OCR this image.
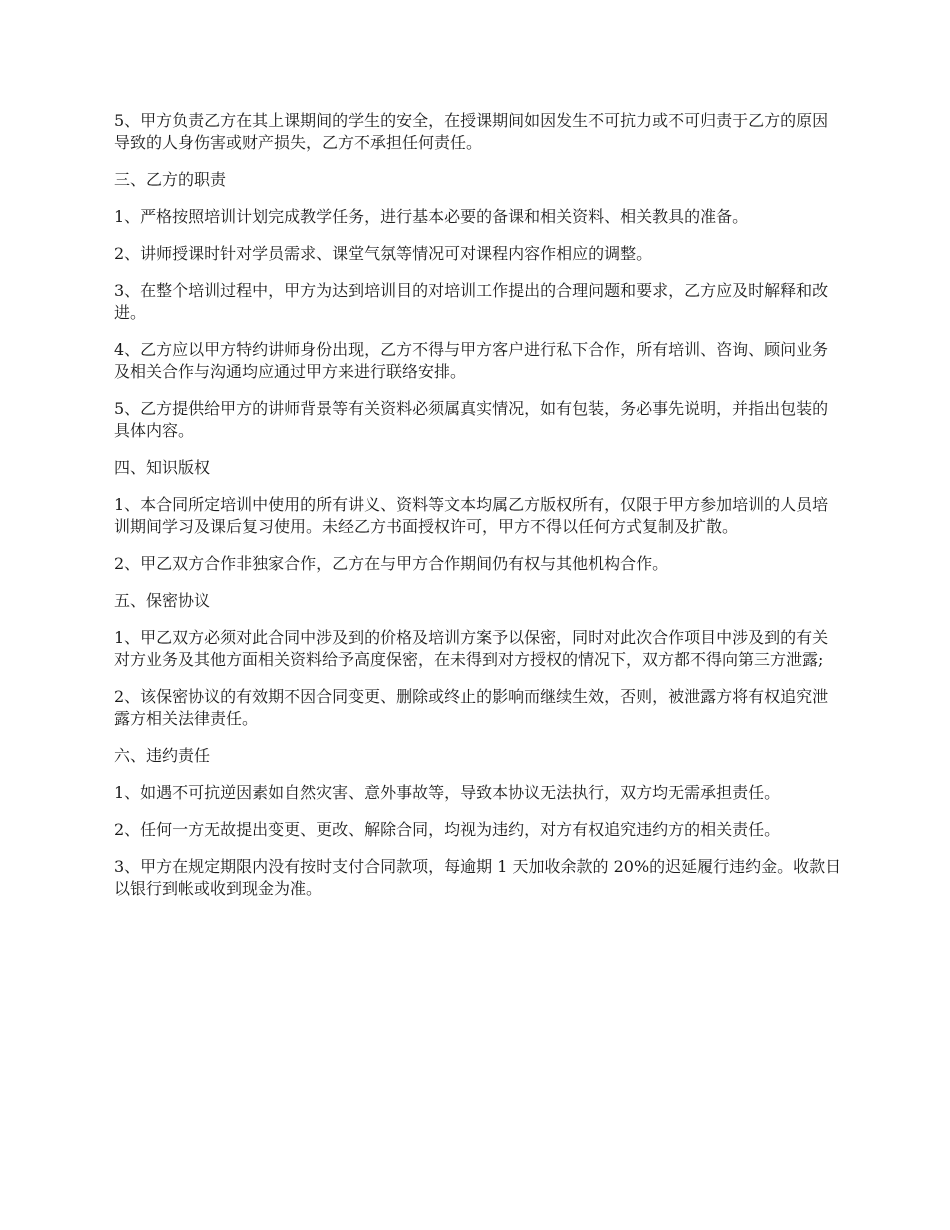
5、甲方负责乙方在其上课期间的学生的安全，在授课期间如因发生不可抗力或不可归责于乙方的原因导致的人身伤害或财产损失，乙方不承担任何责任。

三、乙方的职责

1、严格按照培训计划完成教学任务，进行基本必要的备课和相关资料、相关教具的准备。

2、讲师授课时针对学员需求、课堂气氛等情况可对课程内容作相应的调整。

3、在整个培训过程中，甲方为达到培训目的对培训工作提出的合理问题和要求，乙方应及时解释和改进。

4、乙方应以甲方特约讲师身份出现，乙方不得与甲方客户进行私下合作，所有培训、咨询、顾问业务及相关合作与沟通均应通过甲方来进行联络安排。

5、乙方提供给甲方的讲师背景等有关资料必须属真实情况，如有包装，务必事先说明，并指出包装的具体内容。

四、知识版权

1、本合同所定培训中使用的所有讲义、资料等文本均属乙方版权所有，仅限于甲方参加培训的人员培训期间学习及课后复习使用。未经乙方书面授权许可，甲方不得以任何方式复制及扩散。

2、甲乙双方合作非独家合作，乙方在与甲方合作期间仍有权与其他机构合作。

五、保密协议

1、甲乙双方必须对此合同中涉及到的价格及培训方案予以保密，同时对此次合作项目中涉及到的有关对方业务及其他方面相关资料给予高度保密，在未得到对方授权的情况下，双方都不得向第三方泄露;

2、该保密协议的有效期不因合同变更、删除或终止的影响而继续生效，否则，被泄露方将有权追究泄露方相关法律责任。

六、违约责任

1、如遇不可抗逆因素如自然灾害、意外事故等，导致本协议无法执行，双方均无需承担责任。

2、任何一方无故提出变更、更改、解除合同，均视为违约，对方有权追究违约方的相关责任。

3、甲方在规定期限内没有按时支付合同款项，每逾期 1 天加收余款的 20%的迟延履行违约金。收款日以银行到帐或收到现金为准。
